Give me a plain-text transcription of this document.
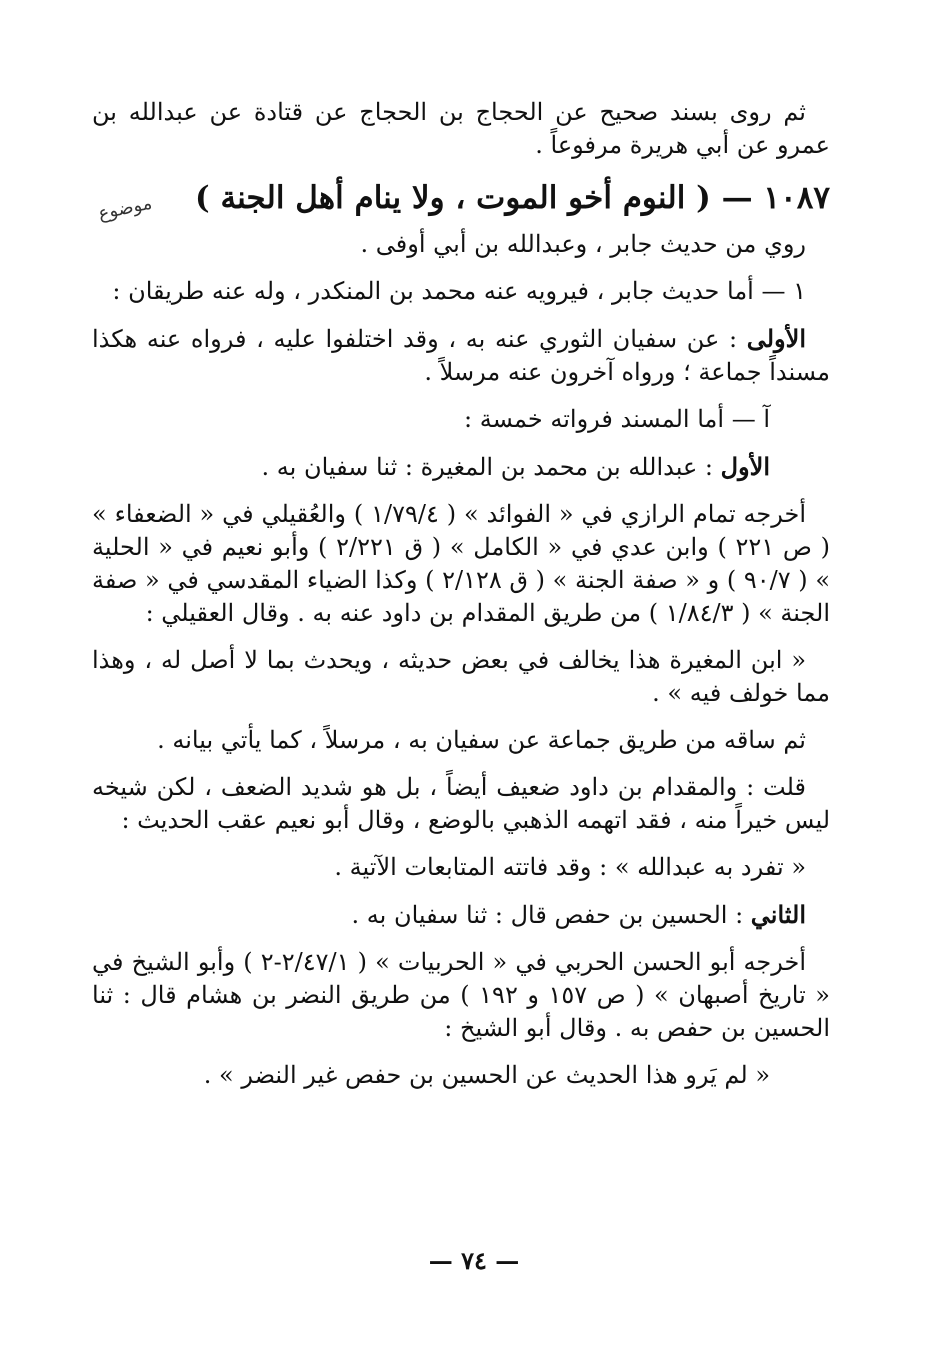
ثم روى بسند صحيح عن الحجاج بن الحجاج عن قتادة عن عبدالله بن عمرو عن أبي هريرة مرفوعاً .

١٠٨٧ — ( النوم أخو الموت ، ولا ينام أهل الجنة )

موضوع

روي من حديث جابر ، وعبدالله بن أبي أوفى .

١ — أما حديث جابر ، فيرويه عنه محمد بن المنكدر ، وله عنه طريقان :

الأولى : عن سفيان الثوري عنه به ، وقد اختلفوا عليه ، فرواه عنه هكذا مسنداً جماعة ؛ ورواه آخرون عنه مرسلاً .

آ — أما المسند فرواته خمسة :

الأول : عبدالله بن محمد بن المغيرة : ثنا سفيان به .

أخرجه تمام الرازي في « الفوائد » ( ١/٧٩/٤ ) والعُقيلي في « الضعفاء » ( ص ٢٢١ ) وابن عدي في « الكامل » ( ق ٢/٢٢١ ) وأبو نعيم في « الحلية » ( ٩٠/٧ ) و « صفة الجنة » ( ق ٢/١٢٨ ) وكذا الضياء المقدسي في « صفة الجنة » ( ١/٨٤/٣ ) من طريق المقدام بن داود عنه به . وقال العقيلي :

« ابن المغيرة هذا يخالف في بعض حديثه ، ويحدث بما لا أصل له ، وهذا مما خولف فيه » .

ثم ساقه من طريق جماعة عن سفيان به ، مرسلاً ، كما يأتي بيانه .

قلت : والمقدام بن داود ضعيف أيضاً ، بل هو شديد الضعف ، لكن شيخه ليس خيراً منه ، فقد اتهمه الذهبي بالوضع ، وقال أبو نعيم عقب الحديث :

« تفرد به عبدالله » : وقد فاتته المتابعات الآتية .

الثاني : الحسين بن حفص قال : ثنا سفيان به .

أخرجه أبو الحسن الحربي في « الحربيات » ( ٢/٤٧/١-٢ ) وأبو الشيخ في « تاريخ أصبهان » ( ص ١٥٧ و ١٩٢ ) من طريق النضر بن هشام قال : ثنا الحسين بن حفص به . وقال أبو الشيخ :

« لم يَرو هذا الحديث عن الحسين بن حفص غير النضر » .

— ٧٤ —
